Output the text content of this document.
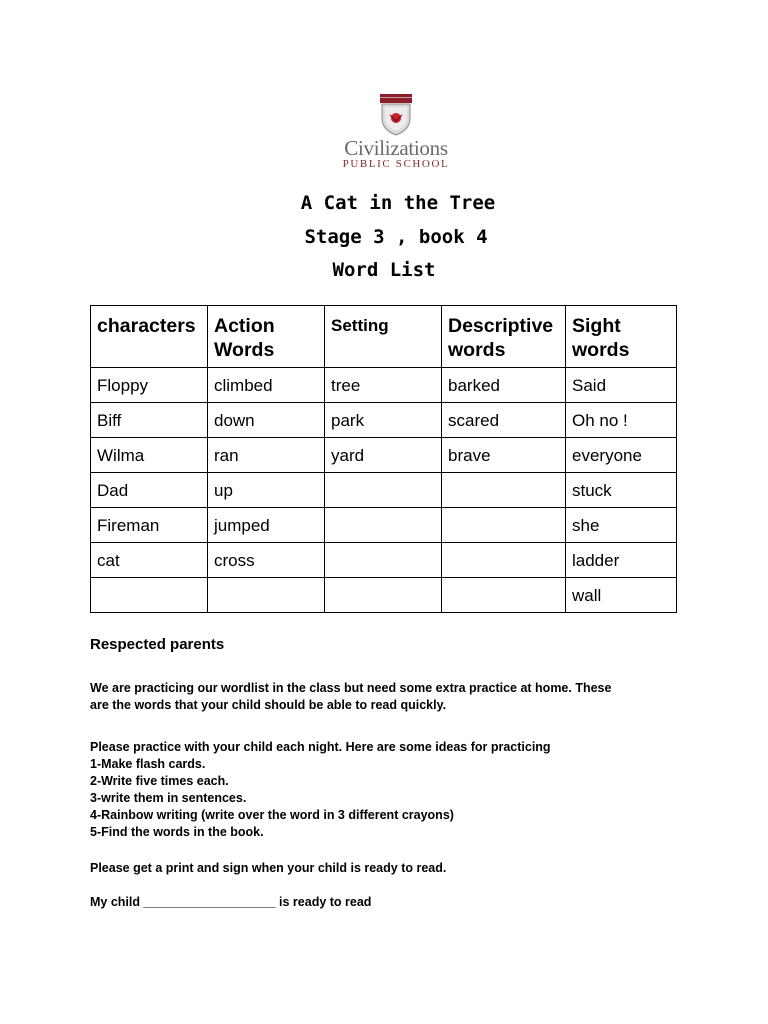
Civilizations
PUBLIC SCHOOL
A Cat in the Tree
Stage 3 , book 4
Word List
characters	Action Words	Setting	Descriptive words	Sight words
Floppy	climbed	tree	barked	Said
Biff	down	park	scared	Oh no !
Wilma	ran	yard	brave	everyone
Dad	up			stuck
Fireman	jumped			she
cat	cross			ladder
				wall
Respected parents
We are practicing our wordlist in the class but need some extra practice at home. These
are the words that your child should be able to read quickly.
Please practice with your child each night. Here are some ideas for practicing
1-Make flash cards.
2-Write five times each.
3-write them in sentences.
4-Rainbow writing (write over the word in 3 different crayons)
5-Find the words in the book.
Please get a print and sign when your child is ready to read.
My child ___________________ is ready to read
